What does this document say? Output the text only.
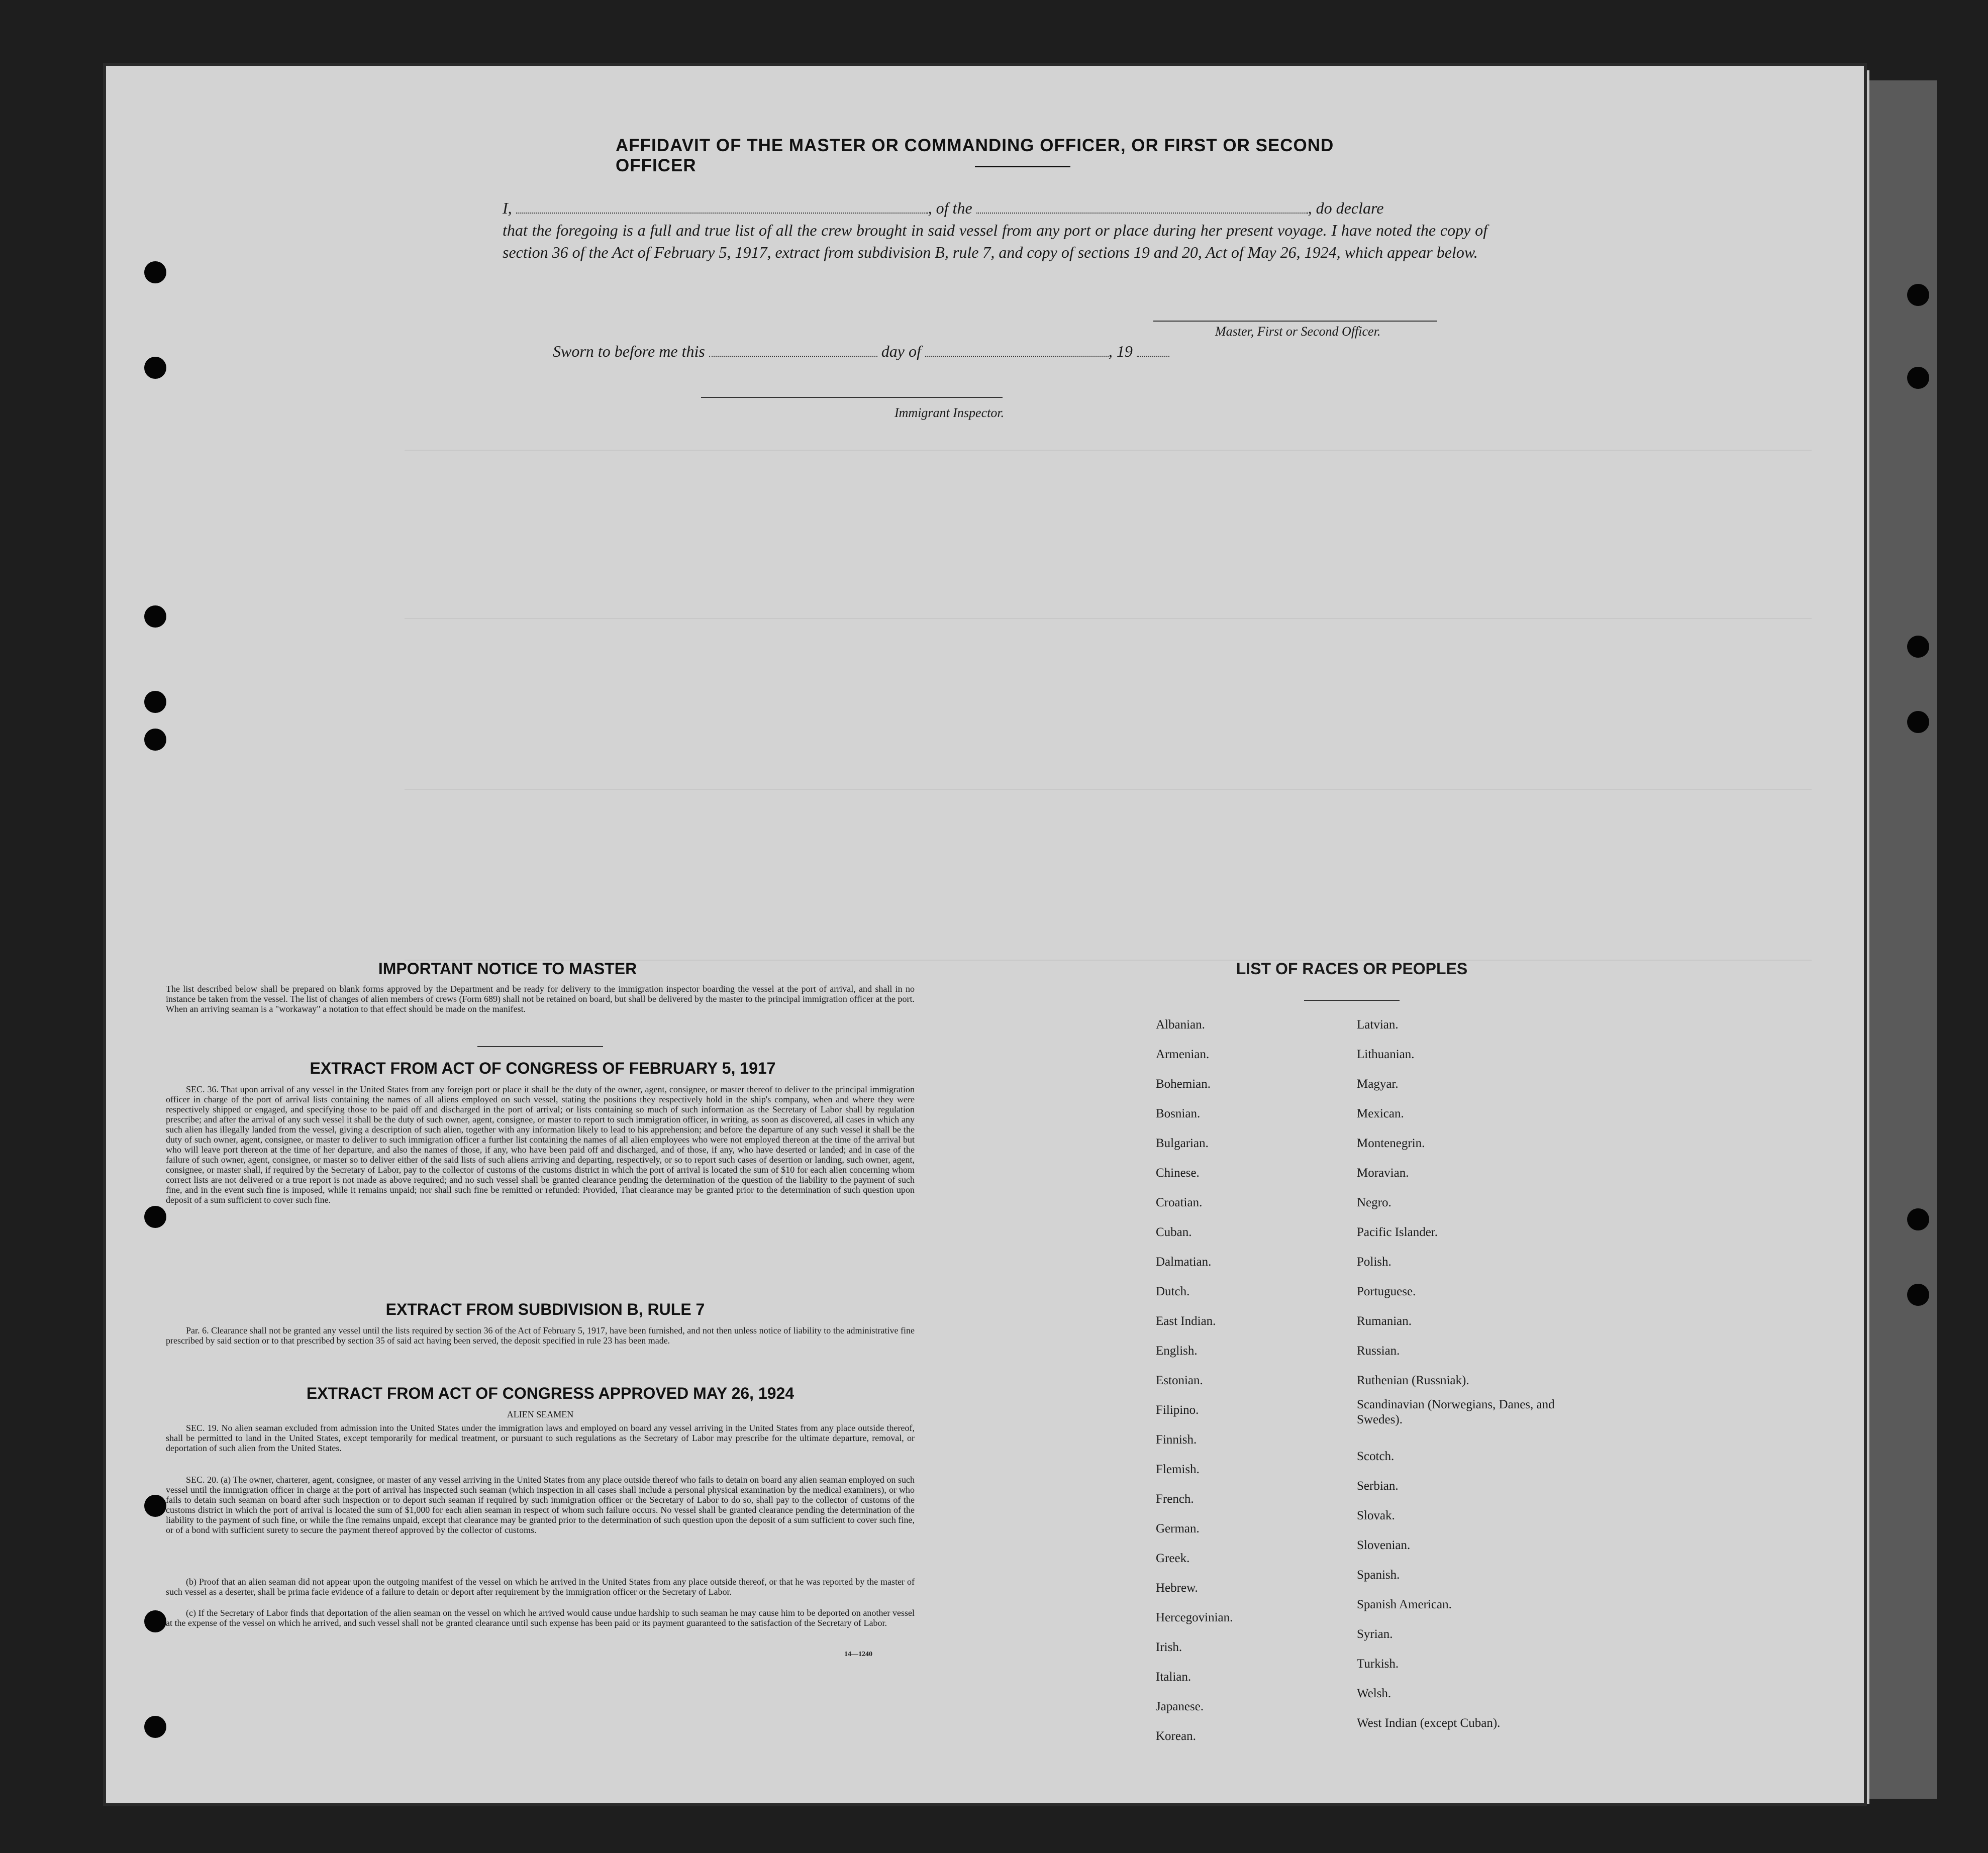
AFFIDAVIT OF THE MASTER OR COMMANDING OFFICER, OR FIRST OR SECOND OFFICER
I,	, of the	, do declare
that the foregoing is a full and true list of all the crew brought in said vessel from any port or place during her present voyage. I have noted the copy of section 36 of the Act of February 5, 1917, extract from subdivision B, rule 7, and copy of sections 19 and 20, Act of May 26, 1924, which appear below.
Master, First or Second Officer.
Sworn to before me this	day of	, 19
Immigrant Inspector.
IMPORTANT NOTICE TO MASTER
The list described below shall be prepared on blank forms approved by the Department and be ready for delivery to the immigration inspector boarding the vessel at the port of arrival, and shall in no instance be taken from the vessel. The list of changes of alien members of crews (Form 689) shall not be retained on board, but shall be delivered by the master to the principal immigration officer at the port. When an arriving seaman is a "workaway" a notation to that effect should be made on the manifest.
EXTRACT FROM ACT OF CONGRESS OF FEBRUARY 5, 1917
SEC. 36. That upon arrival of any vessel in the United States from any foreign port or place it shall be the duty of the owner, agent, consignee, or master thereof to deliver to the principal immigration officer in charge of the port of arrival lists containing the names of all aliens employed on such vessel, stating the positions they respectively hold in the ship's company, when and where they were respectively shipped or engaged, and specifying those to be paid off and discharged in the port of arrival; or lists containing so much of such information as the Secretary of Labor shall by regulation prescribe; and after the arrival of any such vessel it shall be the duty of such owner, agent, consignee, or master to report to such immigration officer, in writing, as soon as discovered, all cases in which any such alien has illegally landed from the vessel, giving a description of such alien, together with any information likely to lead to his apprehension; and before the departure of any such vessel it shall be the duty of such owner, agent, consignee, or master to deliver to such immigration officer a further list containing the names of all alien employees who were not employed thereon at the time of the arrival but who will leave port thereon at the time of her departure, and also the names of those, if any, who have been paid off and discharged, and of those, if any, who have deserted or landed; and in case of the failure of such owner, agent, consignee, or master so to deliver either of the said lists of such aliens arriving and departing, respectively, or so to report such cases of desertion or landing, such owner, agent, consignee, or master shall, if required by the Secretary of Labor, pay to the collector of customs of the customs district in which the port of arrival is located the sum of $10 for each alien concerning whom correct lists are not delivered or a true report is not made as above required; and no such vessel shall be granted clearance pending the determination of the question of the liability to the payment of such fine, and in the event such fine is imposed, while it remains unpaid; nor shall such fine be remitted or refunded: Provided, That clearance may be granted prior to the determination of such question upon deposit of a sum sufficient to cover such fine.
EXTRACT FROM SUBDIVISION B, RULE 7
Par. 6. Clearance shall not be granted any vessel until the lists required by section 36 of the Act of February 5, 1917, have been furnished, and not then unless notice of liability to the administrative fine prescribed by said section or to that prescribed by section 35 of said act having been served, the deposit specified in rule 23 has been made.
EXTRACT FROM ACT OF CONGRESS APPROVED MAY 26, 1924
ALIEN SEAMEN
SEC. 19. No alien seaman excluded from admission into the United States under the immigration laws and employed on board any vessel arriving in the United States from any place outside thereof, shall be permitted to land in the United States, except temporarily for medical treatment, or pursuant to such regulations as the Secretary of Labor may prescribe for the ultimate departure, removal, or deportation of such alien from the United States.
SEC. 20. (a) The owner, charterer, agent, consignee, or master of any vessel arriving in the United States from any place outside thereof who fails to detain on board any alien seaman employed on such vessel until the immigration officer in charge at the port of arrival has inspected such seaman (which inspection in all cases shall include a personal physical examination by the medical examiners), or who fails to detain such seaman on board after such inspection or to deport such seaman if required by such immigration officer or the Secretary of Labor to do so, shall pay to the collector of customs of the customs district in which the port of arrival is located the sum of $1,000 for each alien seaman in respect of whom such failure occurs. No vessel shall be granted clearance pending the determination of the liability to the payment of such fine, or while the fine remains unpaid, except that clearance may be granted prior to the determination of such question upon the deposit of a sum sufficient to cover such fine, or of a bond with sufficient surety to secure the payment thereof approved by the collector of customs.
(b) Proof that an alien seaman did not appear upon the outgoing manifest of the vessel on which he arrived in the United States from any place outside thereof, or that he was reported by the master of such vessel as a deserter, shall be prima facie evidence of a failure to detain or deport after requirement by the immigration officer or the Secretary of Labor.
(c) If the Secretary of Labor finds that deportation of the alien seaman on the vessel on which he arrived would cause undue hardship to such seaman he may cause him to be deported on another vessel at the expense of the vessel on which he arrived, and such vessel shall not be granted clearance until such expense has been paid or its payment guaranteed to the satisfaction of the Secretary of Labor.
14—1240
LIST OF RACES OR PEOPLES
Albanian.
Armenian.
Bohemian.
Bosnian.
Bulgarian.
Chinese.
Croatian.
Cuban.
Dalmatian.
Dutch.
East Indian.
English.
Estonian.
Filipino.
Finnish.
Flemish.
French.
German.
Greek.
Hebrew.
Hercegovinian.
Irish.
Italian.
Japanese.
Korean.
Latvian.
Lithuanian.
Magyar.
Mexican.
Montenegrin.
Moravian.
Negro.
Pacific Islander.
Polish.
Portuguese.
Rumanian.
Russian.
Ruthenian (Russniak).
Scandinavian (Norwegians, Danes, and Swedes).
Scotch.
Serbian.
Slovak.
Slovenian.
Spanish.
Spanish American.
Syrian.
Turkish.
Welsh.
West Indian (except Cuban).
